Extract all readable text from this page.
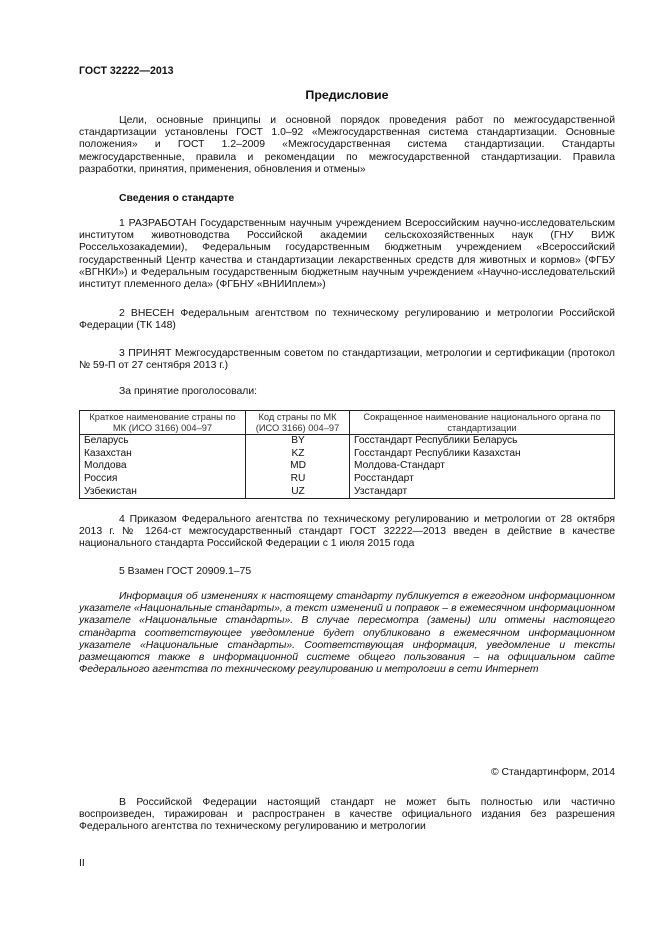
ГОСТ 32222—2013
Предисловие
Цели, основные принципы и основной порядок проведения работ по межгосударственной стандартизации установлены ГОСТ 1.0–92 «Межгосударственная система стандартизации. Основные положения» и ГОСТ 1.2–2009 «Межгосударственная система стандартизации. Стандарты межгосударственные, правила и рекомендации по межгосударственной стандартизации. Правила разработки, принятия, применения, обновления и отмены»
Сведения о стандарте
1 РАЗРАБОТАН Государственным научным учреждением Всероссийским научно-исследовательским институтом животноводства Российской академии сельскохозяйственных наук (ГНУ ВИЖ Россельхозакадемии), Федеральным государственным бюджетным учреждением «Всероссийский государственный Центр качества и стандартизации лекарственных средств для животных и кормов» (ФГБУ «ВГНКИ») и Федеральным государственным бюджетным научным учреждением «Научно-исследовательский институт племенного дела» (ФГБНУ «ВНИИплем»)
2 ВНЕСЕН Федеральным агентством по техническому регулированию и метрологии Российской Федерации (ТК 148)
3 ПРИНЯТ Межгосударственным советом по стандартизации, метрологии и сертификации (протокол № 59-П от 27 сентября 2013 г.)
За принятие проголосовали:
Краткое наименование страны по МК (ИСО 3166) 004–97	Код страны по МК (ИСО 3166) 004–97	Сокращенное наименование национального органа по стандартизации
Беларусь	BY	Госстандарт Республики Беларусь
Казахстан	KZ	Госстандарт Республики Казахстан
Молдова	MD	Молдова-Стандарт
Россия	RU	Росстандарт
Узбекистан	UZ	Узстандарт
4 Приказом Федерального агентства по техническому регулированию и метрологии от 28 октября 2013 г. № 1264-ст межгосударственный стандарт ГОСТ 32222—2013 введен в действие в качестве национального стандарта Российской Федерации с 1 июля 2015 года
5 Взамен ГОСТ 20909.1–75
Информация об изменениях к настоящему стандарту публикуется в ежегодном информационном указателе «Национальные стандарты», а текст изменений и поправок – в ежемесячном информационном указателе «Национальные стандарты». В случае пересмотра (замены) или отмены настоящего стандарта соответствующее уведомление будет опубликовано в ежемесячном информационном указателе «Национальные стандарты». Соответствующая информация, уведомление и тексты размещаются также в информационной системе общего пользования – на официальном сайте Федерального агентства по техническому регулированию и метрологии в сети Интернет
© Стандартинформ, 2014
В Российской Федерации настоящий стандарт не может быть полностью или частично воспроизведен, тиражирован и распространен в качестве официального издания без разрешения Федерального агентства по техническому регулированию и метрологии
II
